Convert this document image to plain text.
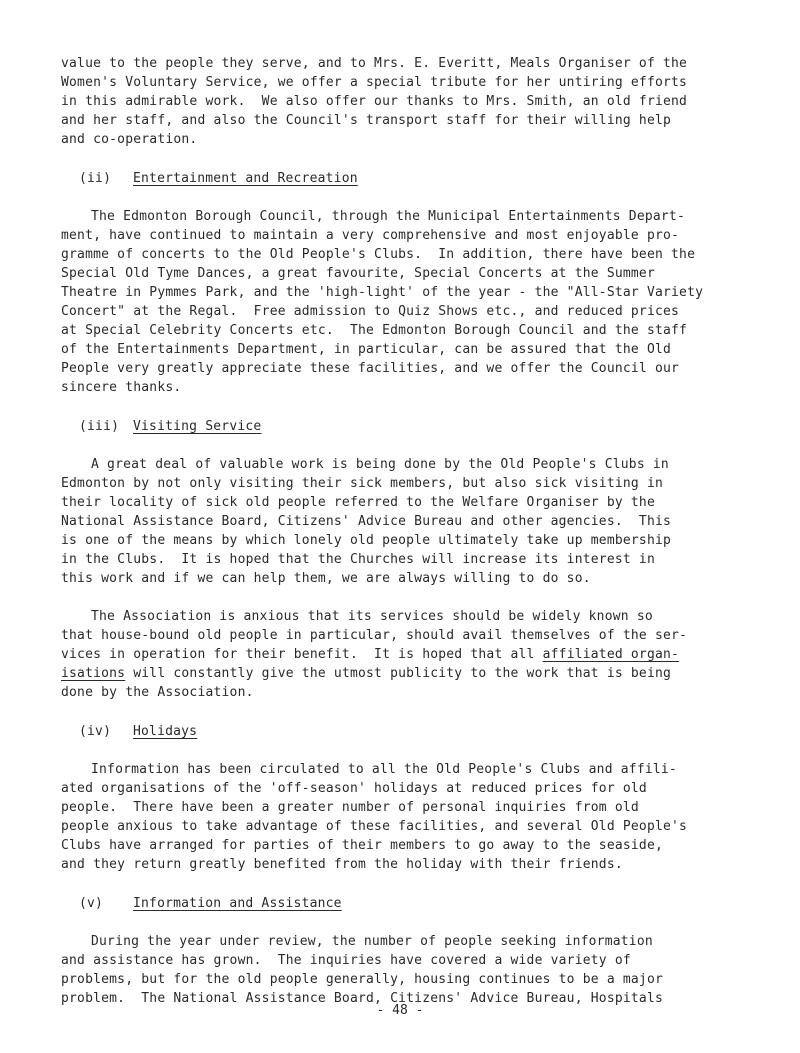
value to the people they serve, and to Mrs. E. Everitt, Meals Organiser of the

Women's Voluntary Service, we offer a special tribute for her untiring efforts

in this admirable work.  We also offer our thanks to Mrs. Smith, an old friend

and her staff, and also the Council's transport staff for their willing help

and co-operation.

(ii) Entertainment and Recreation

The Edmonton Borough Council, through the Municipal Entertainments Depart-

ment, have continued to maintain a very comprehensive and most enjoyable pro-

gramme of concerts to the Old People's Clubs.  In addition, there have been the

Special Old Tyme Dances, a great favourite, Special Concerts at the Summer

Theatre in Pymmes Park, and the 'high-light' of the year - the "All-Star Variety

Concert" at the Regal.  Free admission to Quiz Shows etc., and reduced prices

at Special Celebrity Concerts etc.  The Edmonton Borough Council and the staff

of the Entertainments Department, in particular, can be assured that the Old

People very greatly appreciate these facilities, and we offer the Council our

sincere thanks.

(iii) Visiting Service

A great deal of valuable work is being done by the Old People's Clubs in

Edmonton by not only visiting their sick members, but also sick visiting in

their locality of sick old people referred to the Welfare Organiser by the

National Assistance Board, Citizens' Advice Bureau and other agencies.  This

is one of the means by which lonely old people ultimately take up membership

in the Clubs.  It is hoped that the Churches will increase its interest in

this work and if we can help them, we are always willing to do so.

The Association is anxious that its services should be widely known so

that house-bound old people in particular, should avail themselves of the ser-

vices in operation for their benefit.  It is hoped that all affiliated organ-

isations will constantly give the utmost publicity to the work that is being

done by the Association.

(iv) Holidays

Information has been circulated to all the Old People's Clubs and affili-

ated organisations of the 'off-season' holidays at reduced prices for old

people.  There have been a greater number of personal inquiries from old

people anxious to take advantage of these facilities, and several Old People's

Clubs have arranged for parties of their members to go away to the seaside,

and they return greatly benefited from the holiday with their friends.

(v) Information and Assistance

During the year under review, the number of people seeking information

and assistance has grown.  The inquiries have covered a wide variety of

problems, but for the old people generally, housing continues to be a major

problem.  The National Assistance Board, Citizens' Advice Bureau, Hospitals

- 48 -
